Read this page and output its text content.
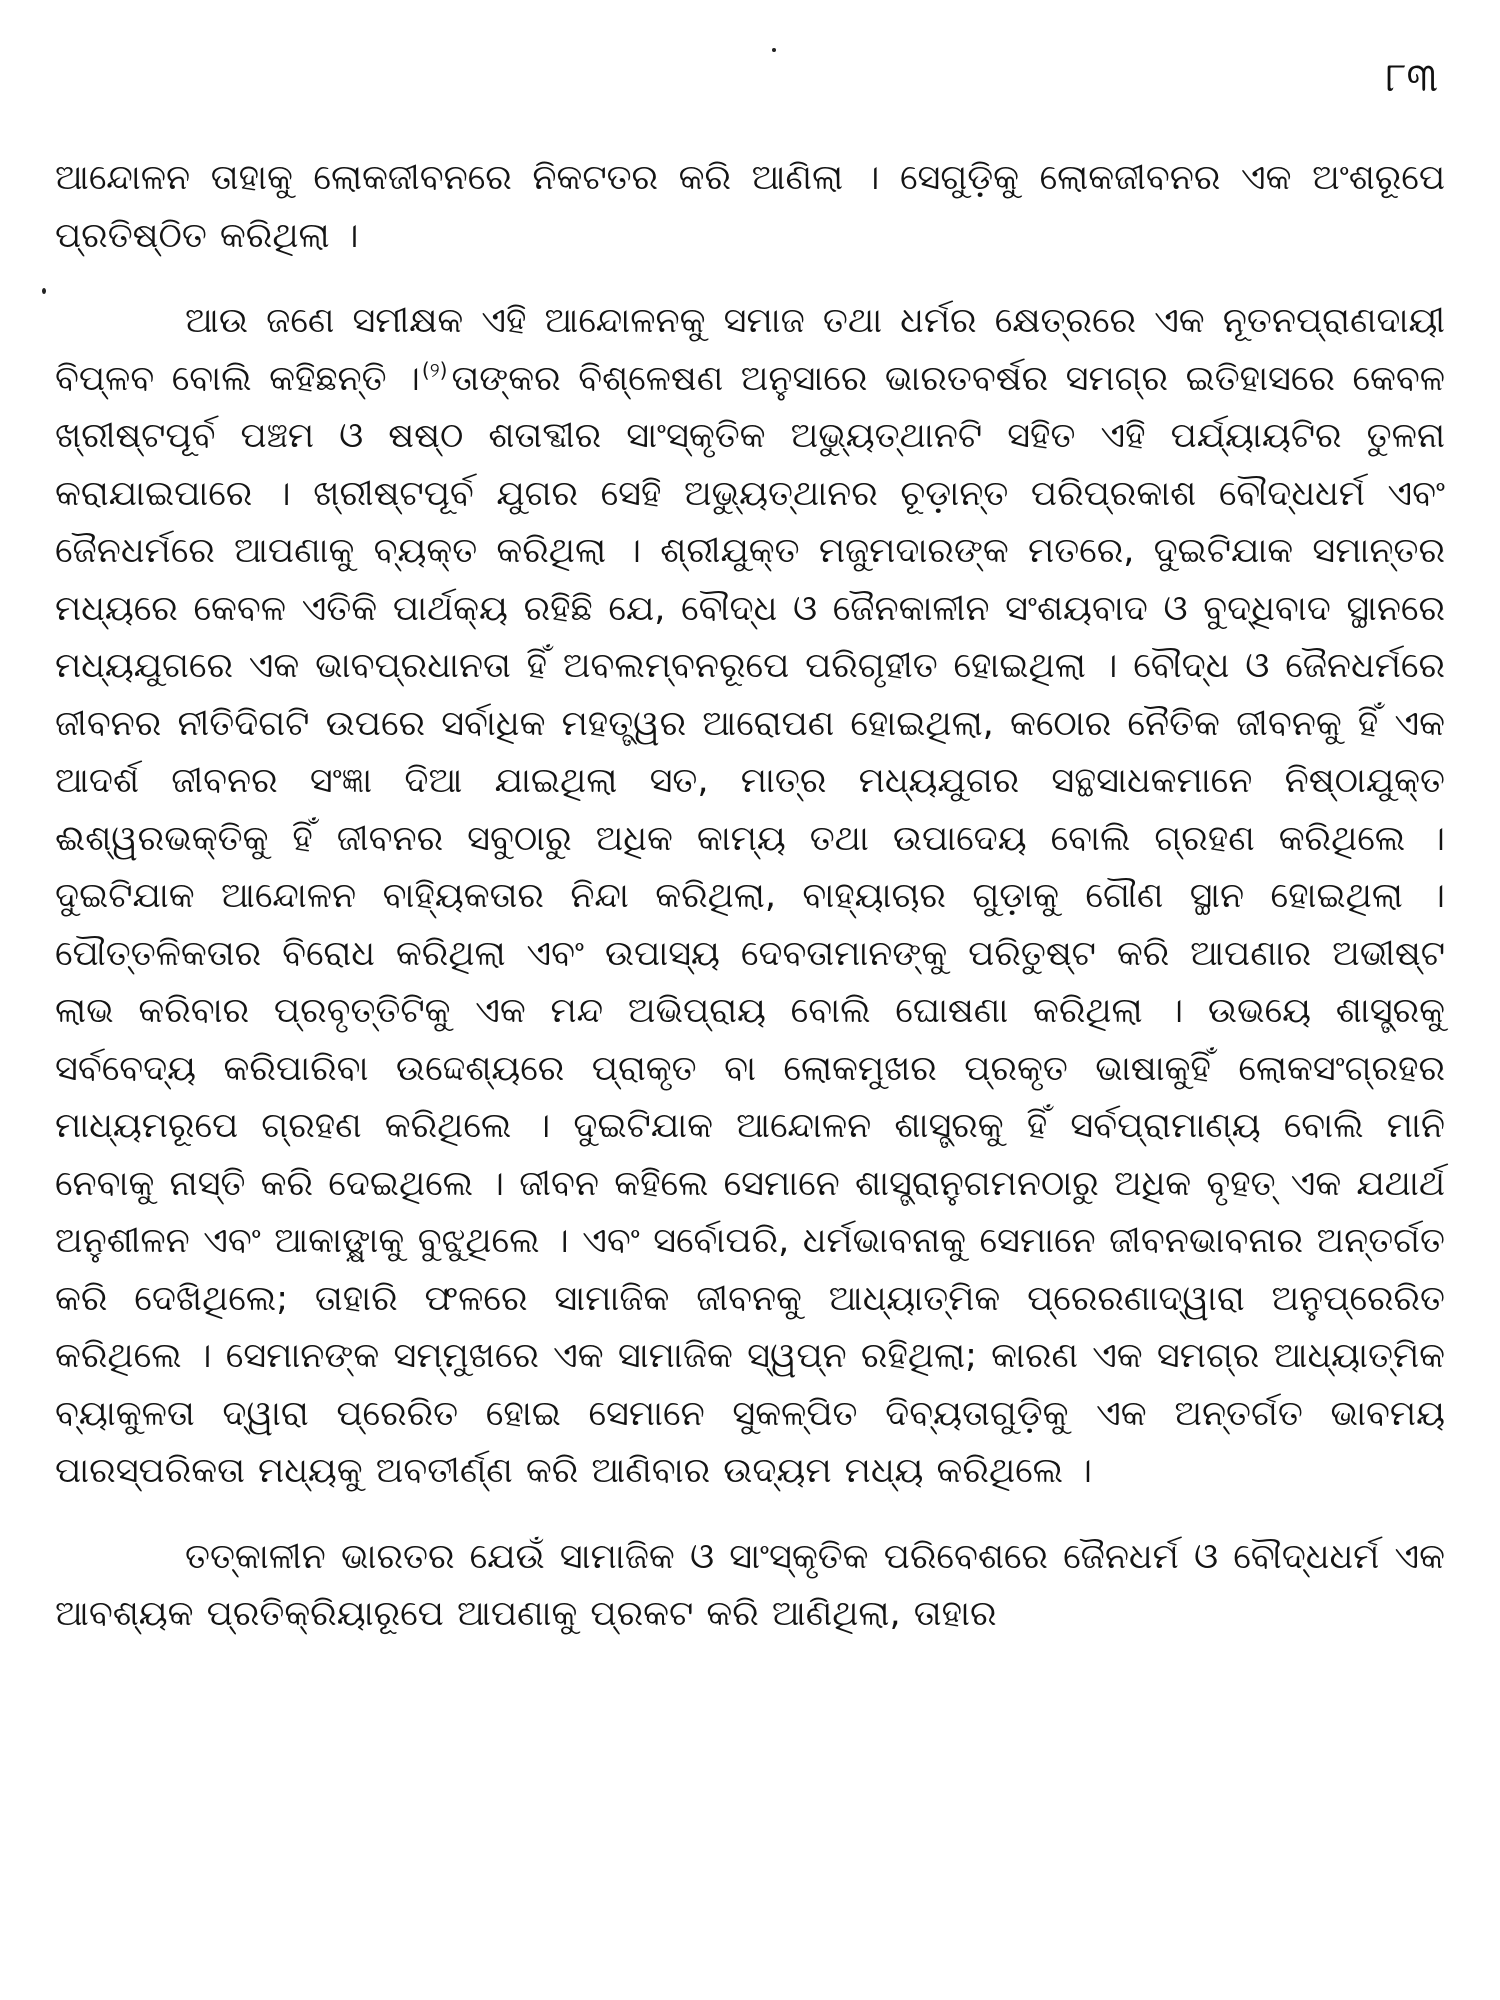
୮୩

ଆନ୍ଦୋଳନ ତାହାକୁ ଲୋକଜୀବନରେ ନିକଟତର କରି ଆଣିଲା । ସେଗୁଡ଼ିକୁ ଲୋକଜୀବନର ଏକ ଅଂଶରୂପେ ପ୍ରତିଷ୍ଠିତ କରିଥିଲା ।

ଆଉ ଜଣେ ସମୀକ୍ଷକ ଏହି ଆନ୍ଦୋଳନକୁ ସମାଜ ତଥା ଧର୍ମର କ୍ଷେତ୍ରରେ ଏକ ନୂତନପ୍ରାଣଦାୟୀ ବିପ୍ଳବ ବୋଲି କହିଛନ୍ତି । $^{(୨)}$ ତାଙ୍କର ବିଶ୍ଳେଷଣ ଅନୁସାରେ ଭାରତବର୍ଷର ସମଗ୍ର ଇତିହାସରେ କେବଳ ଖ୍ରୀଷ୍ଟପୂର୍ବ ପଞ୍ଚମ ଓ ଷଷ୍ଠ ଶତାବ୍ଦୀର ସାଂସ୍କୃତିକ ଅଭ୍ୟୁତ୍‌ଥାନଟି ସହିତ ଏହି ପର୍ଯ୍ୟାୟଟିର ତୁଳନା କରାଯାଇପାରେ । ଖ୍ରୀଷ୍ଟପୂର୍ବ ଯୁଗର ସେହି ଅଭ୍ୟୁତ୍‌ଥାନର ଚୂଡ଼ାନ୍ତ ପରିପ୍ରକାଶ ବୌଦ୍ଧଧର୍ମ ଏବଂ ଜୈନଧର୍ମରେ ଆପଣାକୁ ବ୍ୟକ୍ତ କରିଥିଲା । ଶ୍ରୀଯୁକ୍ତ ମଜୁମଦାରଙ୍କ ମତରେ, ଦୁଇଟିଯାକ ସମାନ୍ତର ମଧ୍ୟରେ କେବଳ ଏତିକି ପାର୍ଥକ୍ୟ ରହିଛି ଯେ, ବୌଦ୍ଧ ଓ ଜୈନକାଳୀନ ସଂଶୟବାଦ ଓ ବୁଦ୍ଧିବାଦ ସ୍ଥାନରେ ମଧ୍ୟଯୁଗରେ ଏକ ଭାବପ୍ରଧାନତା ହିଁ ଅବଲମ୍ବନରୂପେ ପରିଗୃହୀତ ହୋଇଥିଲା । ବୌଦ୍ଧ ଓ ଜୈନଧର୍ମରେ ଜୀବନର ନୀତିଦିଗଟି ଉପରେ ସର୍ବାଧିକ ମହତ୍ତ୍ୱର ଆରୋପଣ ହୋଇଥିଲା, କଠୋର ନୈତିକ ଜୀବନକୁ ହିଁ ଏକ ଆଦର୍ଶ ଜୀବନର ସଂଜ୍ଞା ଦିଆ ଯାଇଥିଲା ସତ, ମାତ୍ର ମଧ୍ୟଯୁଗର ସନ୍ଥସାଧକମାନେ ନିଷ୍ଠାଯୁକ୍ତ ଈଶ୍ୱରଭକ୍ତିକୁ ହିଁ ଜୀବନର ସବୁଠାରୁ ଅଧିକ କାମ୍ୟ ତଥା ଉପାଦେୟ ବୋଲି ଗ୍ରହଣ କରିଥିଲେ । ଦୁଇଟିଯାକ ଆନ୍ଦୋଳନ ବାହ୍ୟିକତାର ନିନ୍ଦା କରିଥିଲା, ବାହ୍ୟାଚାର ଗୁଡ଼ାକୁ ଗୌଣ ସ୍ଥାନ ହୋଇଥିଲା । ପୌତ୍ତଳିକତାର ବିରୋଧ କରିଥିଲା ଏବଂ ଉପାସ୍ୟ ଦେବତାମାନଙ୍କୁ ପରିତୁଷ୍ଟ କରି ଆପଣାର ଅଭୀଷ୍ଟ ଲାଭ କରିବାର ପ୍ରବୃତ୍ତିଟିକୁ ଏକ ମନ୍ଦ ଅଭିପ୍ରାୟ ବୋଲି ଘୋଷଣା କରିଥିଲା । ଉଭୟେ ଶାସ୍ତ୍ରକୁ ସର୍ବବେଦ୍ୟ କରିପାରିବା ଉଦ୍ଦେଶ୍ୟରେ ପ୍ରାକୃତ ବା ଲୋକମୁଖର ପ୍ରକୃତ ଭାଷାକୁହିଁ ଲୋକସଂଗ୍ରହର ମାଧ୍ୟମରୂପେ ଗ୍ରହଣ କରିଥିଲେ । ଦୁଇଟିଯାକ ଆନ୍ଦୋଳନ ଶାସ୍ତ୍ରକୁ ହିଁ ସର୍ବପ୍ରାମାଣ୍ୟ ବୋଲି ମାନି ନେବାକୁ ନାସ୍ତି କରି ଦେଇଥିଲେ । ଜୀବନ କହିଲେ ସେମାନେ ଶାସ୍ତ୍ରାନୁଗମନଠାରୁ ଅଧିକ ବୃହତ୍ ଏକ ଯଥାର୍ଥ ଅନୁଶୀଳନ ଏବଂ ଆକାଙ୍କ୍ଷାକୁ ବୁଝୁଥିଲେ । ଏବଂ ସର୍ବୋପରି, ଧର୍ମଭାବନାକୁ ସେମାନେ ଜୀବନଭାବନାର ଅନ୍ତର୍ଗତ କରି ଦେଖିଥିଲେ; ତାହାରି ଫଳରେ ସାମାଜିକ ଜୀବନକୁ ଆଧ୍ୟାତ୍ମିକ ପ୍ରେରଣାଦ୍ୱାରା ଅନୁପ୍ରେରିତ କରିଥିଲେ । ସେମାନଙ୍କ ସମ୍ମୁଖରେ ଏକ ସାମାଜିକ ସ୍ୱପ୍ନ ରହିଥିଲା; କାରଣ ଏକ ସମଗ୍ର ଆଧ୍ୟାତ୍ମିକ ବ୍ୟାକୁଳତା ଦ୍ୱାରା ପ୍ରେରିତ ହୋଇ ସେମାନେ ସୁକଳ୍ପିତ ଦିବ୍ୟତାଗୁଡ଼ିକୁ ଏକ ଅନ୍ତର୍ଗତ ଭାବମୟ ପାରସ୍ପରିକତା ମଧ୍ୟକୁ ଅବତୀର୍ଣ୍ଣ କରି ଆଣିବାର ଉଦ୍ୟମ ମଧ୍ୟ କରିଥିଲେ ।

ତତ୍କାଳୀନ ଭାରତର ଯେଉଁ ସାମାଜିକ ଓ ସାଂସ୍କୃତିକ ପରିବେଶରେ ଜୈନଧର୍ମ ଓ ବୌଦ୍ଧଧର୍ମ ଏକ ଆବଶ୍ୟକ ପ୍ରତିକ୍ରିୟାରୂପେ ଆପଣାକୁ ପ୍ରକଟ କରି ଆଣିଥିଲା, ତାହାର
